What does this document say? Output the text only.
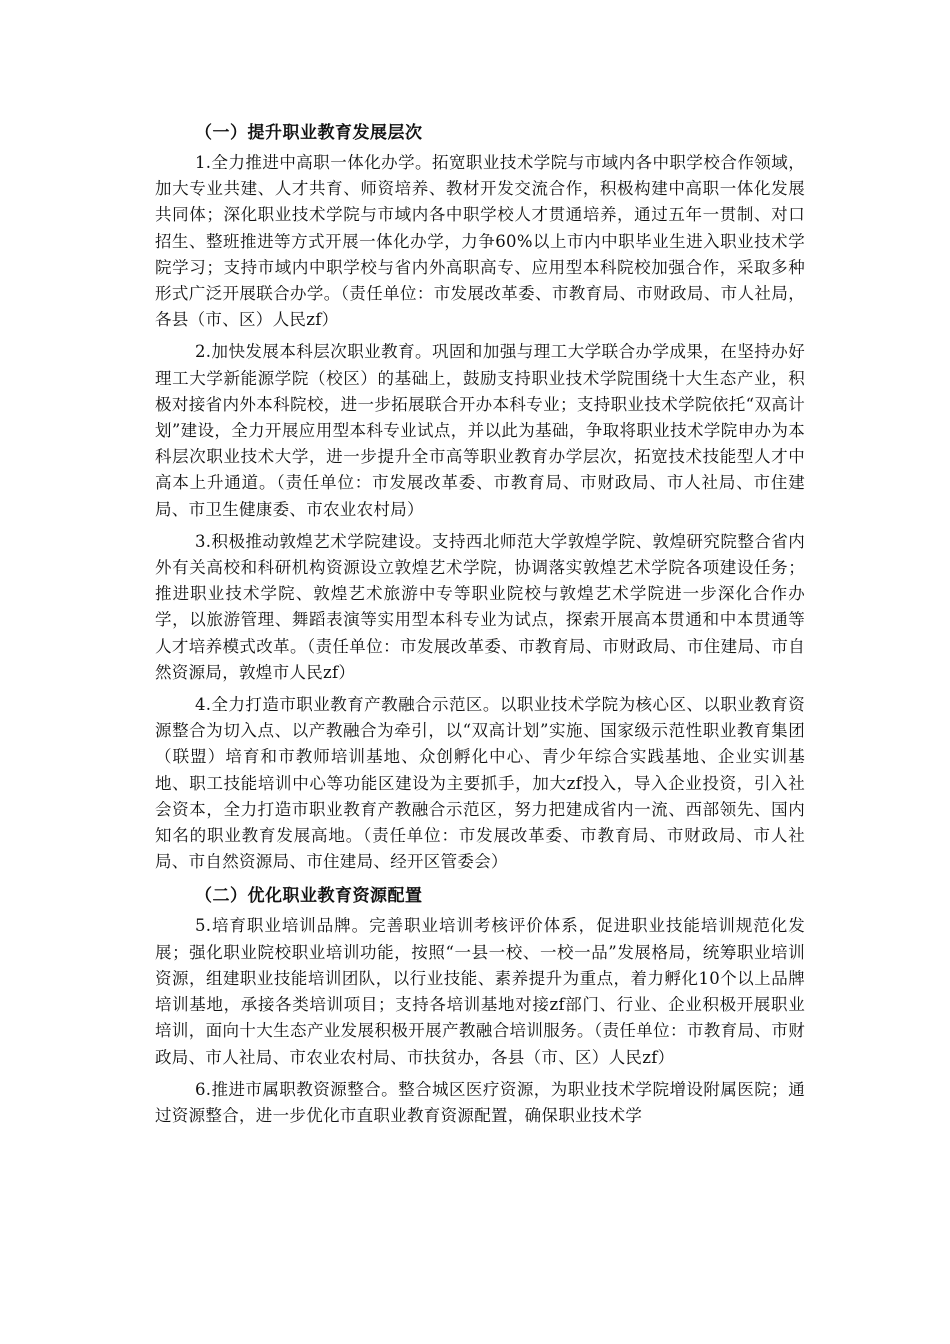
（一）提升职业教育发展层次

1.全力推进中高职一体化办学。拓宽职业技术学院与市域内各中职学校合作领域，加大专业共建、人才共育、师资培养、教材开发交流合作，积极构建中高职一体化发展共同体；深化职业技术学院与市域内各中职学校人才贯通培养，通过五年一贯制、对口招生、整班推进等方式开展一体化办学，力争60%以上市内中职毕业生进入职业技术学院学习；支持市域内中职学校与省内外高职高专、应用型本科院校加强合作，采取多种形式广泛开展联合办学。（责任单位：市发展改革委、市教育局、市财政局、市人社局，各县（市、区）人民zf）

2.加快发展本科层次职业教育。巩固和加强与理工大学联合办学成果，在坚持办好理工大学新能源学院（校区）的基础上，鼓励支持职业技术学院围绕十大生态产业，积极对接省内外本科院校，进一步拓展联合开办本科专业；支持职业技术学院依托“双高计划”建设，全力开展应用型本科专业试点，并以此为基础，争取将职业技术学院申办为本科层次职业技术大学，进一步提升全市高等职业教育办学层次，拓宽技术技能型人才中高本上升通道。（责任单位：市发展改革委、市教育局、市财政局、市人社局、市住建局、市卫生健康委、市农业农村局）

3.积极推动敦煌艺术学院建设。支持西北师范大学敦煌学院、敦煌研究院整合省内外有关高校和科研机构资源设立敦煌艺术学院，协调落实敦煌艺术学院各项建设任务；推进职业技术学院、敦煌艺术旅游中专等职业院校与敦煌艺术学院进一步深化合作办学，以旅游管理、舞蹈表演等实用型本科专业为试点，探索开展高本贯通和中本贯通等人才培养模式改革。（责任单位：市发展改革委、市教育局、市财政局、市住建局、市自然资源局，敦煌市人民zf）

4.全力打造市职业教育产教融合示范区。以职业技术学院为核心区、以职业教育资源整合为切入点、以产教融合为牵引，以“双高计划”实施、国家级示范性职业教育集团（联盟）培育和市教师培训基地、众创孵化中心、青少年综合实践基地、企业实训基地、职工技能培训中心等功能区建设为主要抓手，加大zf投入，导入企业投资，引入社会资本，全力打造市职业教育产教融合示范区，努力把建成省内一流、西部领先、国内知名的职业教育发展高地。（责任单位：市发展改革委、市教育局、市财政局、市人社局、市自然资源局、市住建局、经开区管委会）

（二）优化职业教育资源配置

5.培育职业培训品牌。完善职业培训考核评价体系，促进职业技能培训规范化发展；强化职业院校职业培训功能，按照“一县一校、一校一品”发展格局，统筹职业培训资源，组建职业技能培训团队，以行业技能、素养提升为重点，着力孵化10个以上品牌培训基地，承接各类培训项目；支持各培训基地对接zf部门、行业、企业积极开展职业培训，面向十大生态产业发展积极开展产教融合培训服务。（责任单位：市教育局、市财政局、市人社局、市农业农村局、市扶贫办，各县（市、区）人民zf）

6.推进市属职教资源整合。整合城区医疗资源，为职业技术学院增设附属医院；通过资源整合，进一步优化市直职业教育资源配置，确保职业技术学
